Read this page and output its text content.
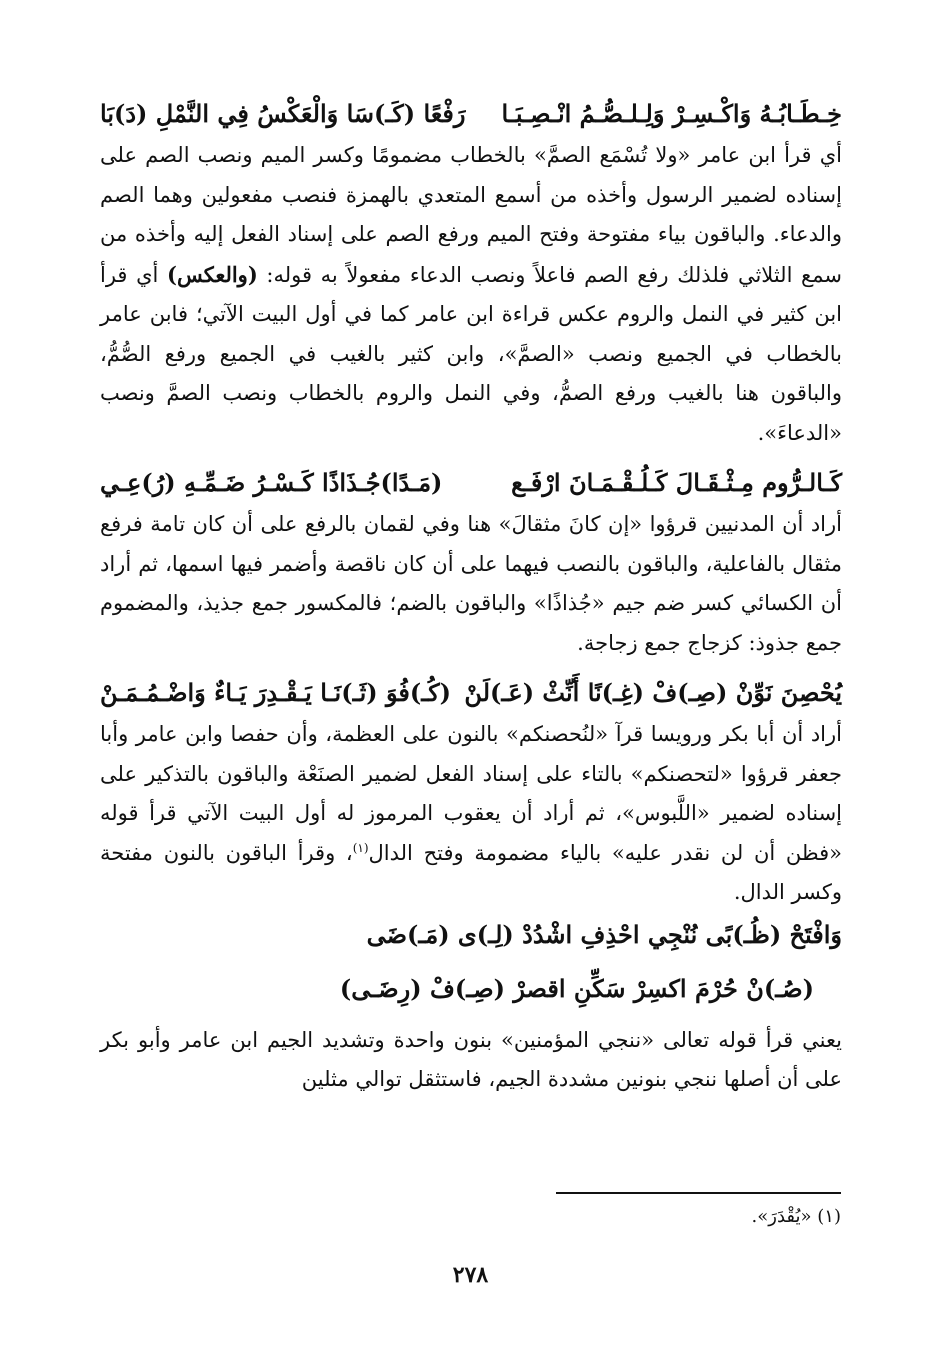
خِـطَـابُـهُ وَاكْـسِـرْ وَلِـلـصُّـمُ انْـصِـبَـا
رَفْعًا (كَـ)سَا وَالْعَكْسُ فِي النَّمْلِ (دَ)بَا

أي قرأ ابن عامر «ولا تُسْمَع الصمَّ» بالخطاب مضمومًا وكسر الميم ونصب الصم على إسناده لضمير الرسول وأخذه من أسمع المتعدي بالهمزة فنصب مفعولين وهما الصم والدعاء. والباقون بياء مفتوحة وفتح الميم ورفع الصم على إسناد الفعل إليه وأخذه من سمع الثلاثي فلذلك رفع الصم فاعلاً ونصب الدعاء مفعولاً به قوله: (والعكس) أي قرأ ابن كثير في النمل والروم عكس قراءة ابن عامر كما في أول البيت الآتي؛ فابن عامر بالخطاب في الجميع ونصب «الصمَّ»، وابن كثير بالغيب في الجميع ورفع الصُّمُّ، والباقون هنا بالغيب ورفع الصمُّ، وفي النمل والروم بالخطاب ونصب الصمَّ ونصب «الدعاءَ».

كَـالـرُّوم مِـثْـقَـالَ كَـلُـقْـمَـانَ ارْفَـع
(مَـدًا)جُـذَاذًا كَـسْـرُ ضَـمِّـهِ (رُ)عِـي

أراد أن المدنيين قرؤوا «إن كانَ مثقالَ» هنا وفي لقمان بالرفع على أن كان تامة فرفع مثقال بالفاعلية، والباقون بالنصب فيهما على أن كان ناقصة وأضمر فيها اسمها، ثم أراد أن الكسائي كسر ضم جيم «جُذاذًا» والباقون بالضم؛ فالمكسور جمع جذيذ، والمضموم جمع جذوذ: كزجاج جمع زجاجة.

يُحْصِنَ نَوِّنْ (صِـ)فْ (غِـ)نًا أَنِّثْ (عَـ)لَنْ
(كُـ)فُوَ (ثَـ)نَـا يَـقْـدِرَ يَـاءٌ وَاضْـمُـمَـنْ

أراد أن أبا بكر ورويسا قرآ «لنُحصنكم» بالنون على العظمة، وأن حفصا وابن عامر وأبا جعفر قرؤوا «لتحصنكم» بالتاء على إسناد الفعل لضمير الصنَعْة والباقون بالتذكير على إسناده لضمير «اللَّبوس»، ثم أراد أن يعقوب المرموز له أول البيت الآتي قرأ قوله «فظن أن لن نقدر عليه» بالياء مضمومة وفتح الدال$^{(١)}$، وقرأ الباقون بالنون مفتحة وكسر الدال.

وَافْتَحْ (ظُـ)بًى نُنْجِي احْذِفِ اشْدُدْ (لِـ)ى (مَـ)ضَى
(صُـ)نْ حُرْمَ اكسِرْ سَكِّنِ اقصرْ (صِـ)فْ (رِضَـى)

يعني قرأ قوله تعالى «ننجي المؤمنين» بنون واحدة وتشديد الجيم ابن عامر وأبو بكر على أن أصلها ننجي بنونين مشددة الجيم، فاستثقل توالي مثلين

(١) «يُقْدَرَ».
٢٧٨
